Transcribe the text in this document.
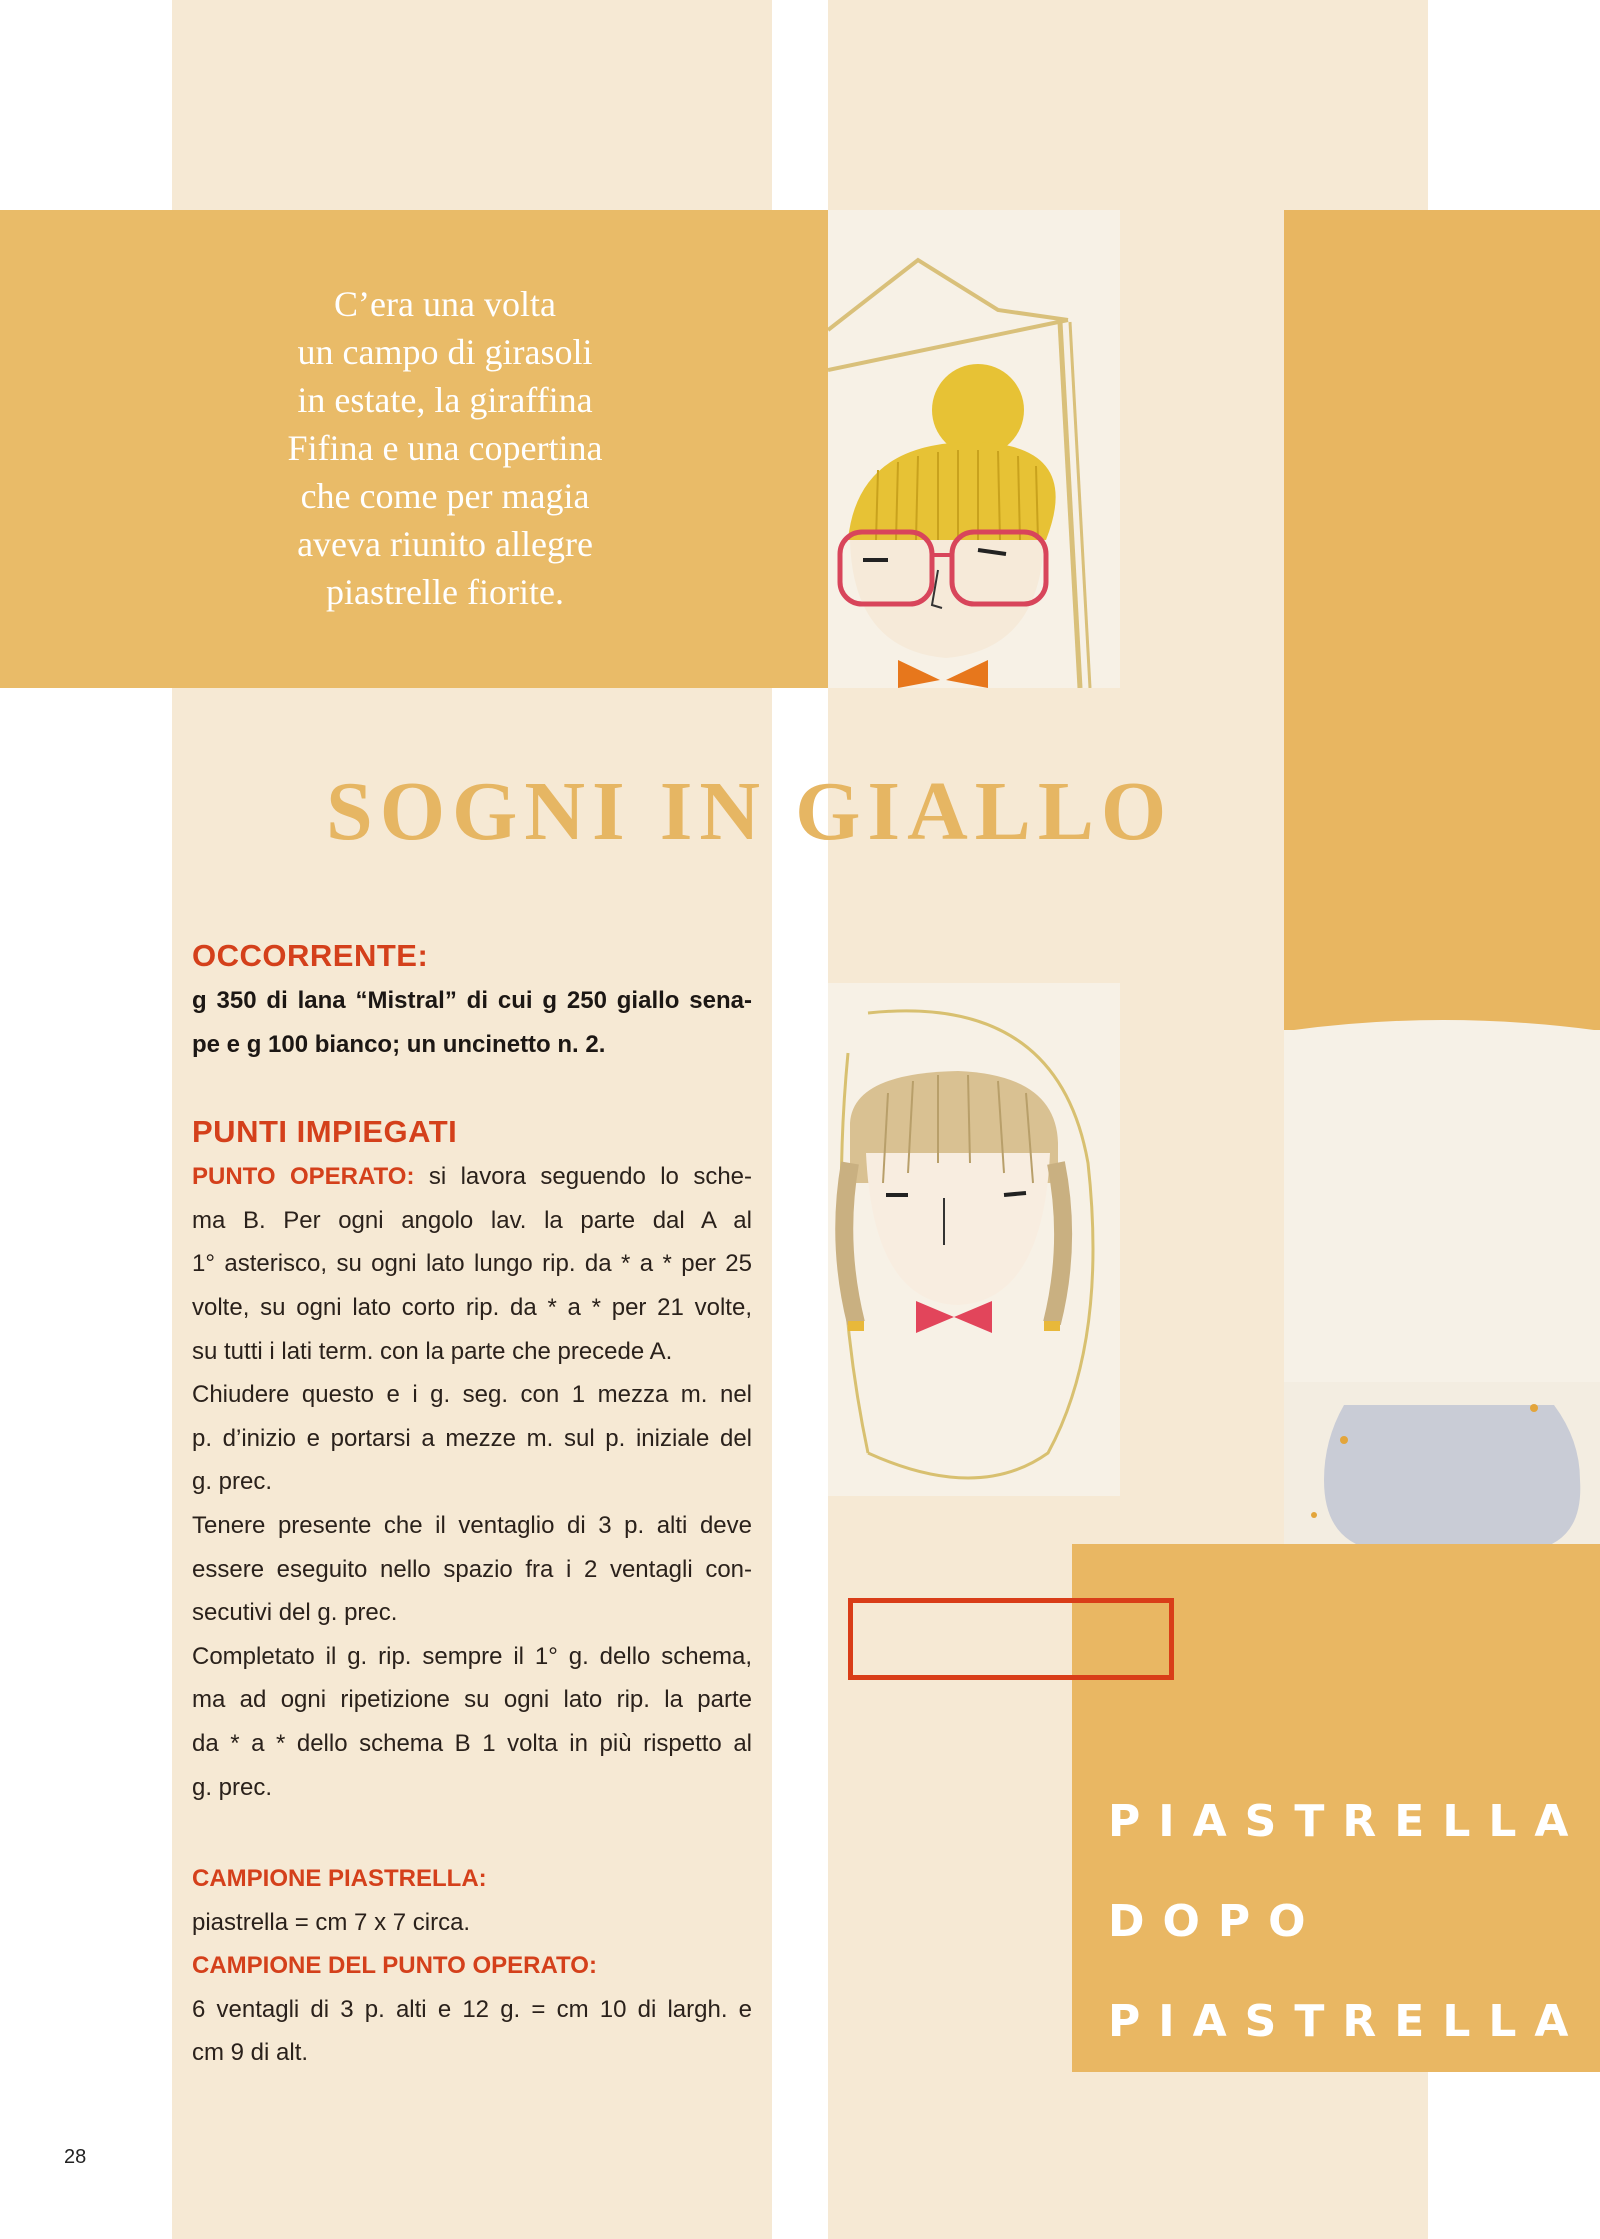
C’era una volta
un campo di girasoli
in estate, la giraffina
Fifina e una copertina
che come per magia
aveva riunito allegre
piastrelle fiorite.
SOGNI IN GIALLO
PIASTRELLA
DOPO
PIASTRELLA
OCCORRENTE:
g 350 di lana “Mistral” di cui g 250 giallo sena-
pe e g 100 bianco; un uncinetto n. 2.
PUNTI IMPIEGATI
PUNTO OPERATO: si lavora seguendo lo sche-
ma B. Per ogni angolo lav. la parte dal A al
1° asterisco, su ogni lato lungo rip. da * a * per 25
volte, su ogni lato corto rip. da * a * per 21 volte,
su tutti i lati term. con la parte che precede A.
Chiudere questo e i g. seg. con 1 mezza m. nel
p. d’inizio e portarsi a mezze m. sul p. iniziale del
g. prec.
Tenere presente che il ventaglio di 3 p. alti deve
essere eseguito nello spazio fra i 2 ventagli con-
secutivi del g. prec.
Completato il g. rip. sempre il 1° g. dello schema,
ma ad ogni ripetizione su ogni lato rip. la parte
da * a * dello schema B 1 volta in più rispetto al
g. prec.
CAMPIONE PIASTRELLA:
piastrella = cm 7 x 7 circa.
CAMPIONE DEL PUNTO OPERATO:
6 ventagli di 3 p. alti e 12 g. = cm 10 di largh. e
cm 9 di alt.
28
